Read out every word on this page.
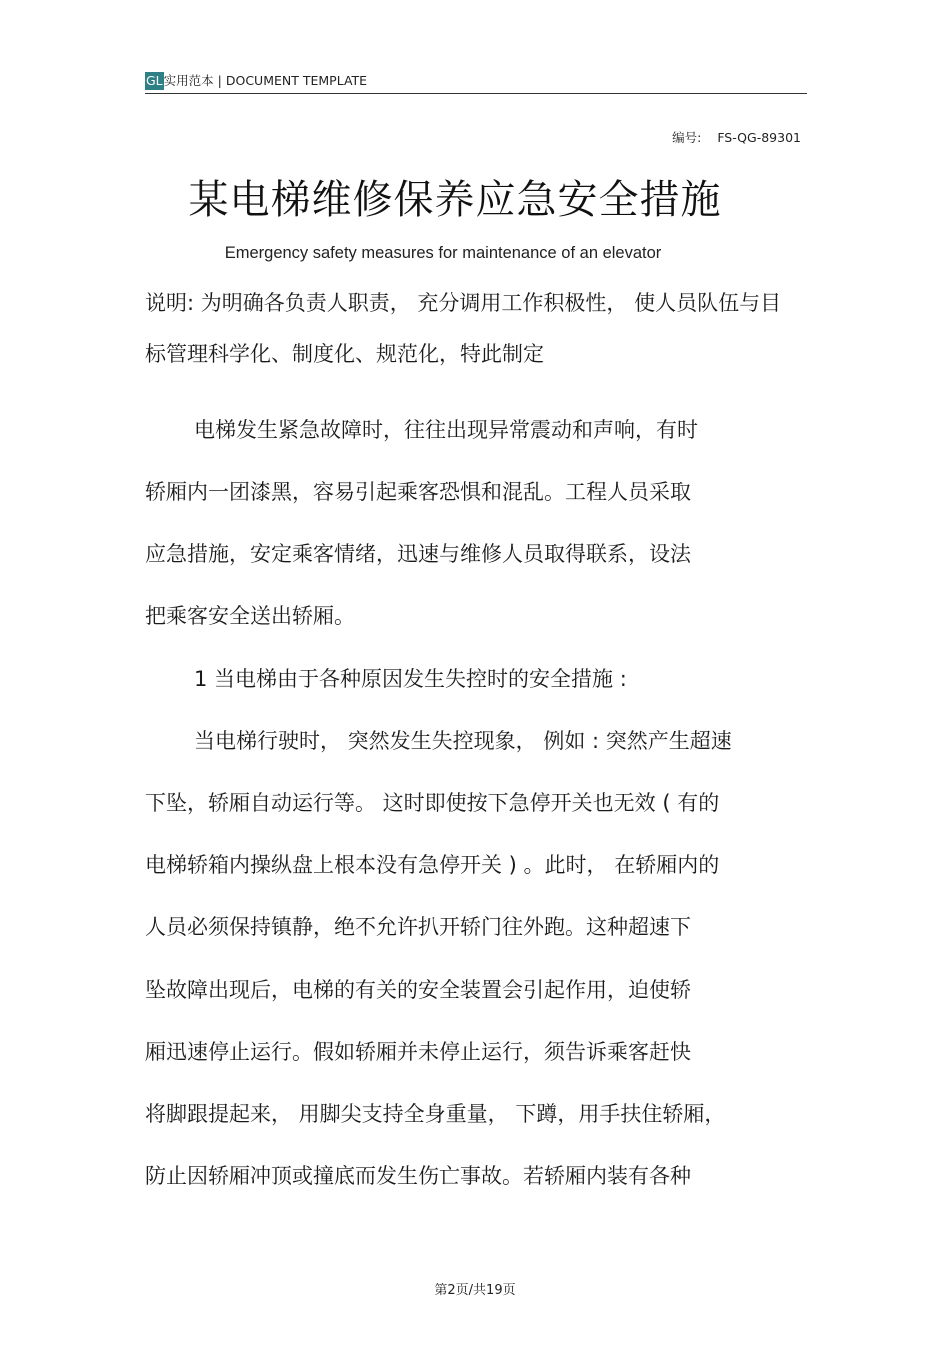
GL实用范本 | DOCUMENT TEMPLATE
编号: FS-QG-89301
某电梯维修保养应急安全措施
Emergency safety measures for maintenance of an elevator
说明: 为明确各负责人职责， 充分调用工作积极性， 使人员队伍与目
标管理科学化、制度化、规范化，特此制定
电梯发生紧急故障时，往往出现异常震动和声响，有时
轿厢内一团漆黑，容易引起乘客恐惧和混乱。工程人员采取
应急措施，安定乘客情绪，迅速与维修人员取得联系，设法
把乘客安全送出轿厢。
1 当电梯由于各种原因发生失控时的安全措施 :
当电梯行驶时， 突然发生失控现象， 例如 : 突然产生超速
下坠，轿厢自动运行等。 这时即使按下急停开关也无效 ( 有的
电梯轿箱内操纵盘上根本没有急停开关 ) 。此时， 在轿厢内的
人员必须保持镇静，绝不允许扒开轿门往外跑。这种超速下
坠故障出现后，电梯的有关的安全装置会引起作用，迫使轿
厢迅速停止运行。假如轿厢并未停止运行，须告诉乘客赶快
将脚跟提起来， 用脚尖支持全身重量， 下蹲，用手扶住轿厢，
防止因轿厢冲顶或撞底而发生伤亡事故。若轿厢内装有各种
第2页/共19页
